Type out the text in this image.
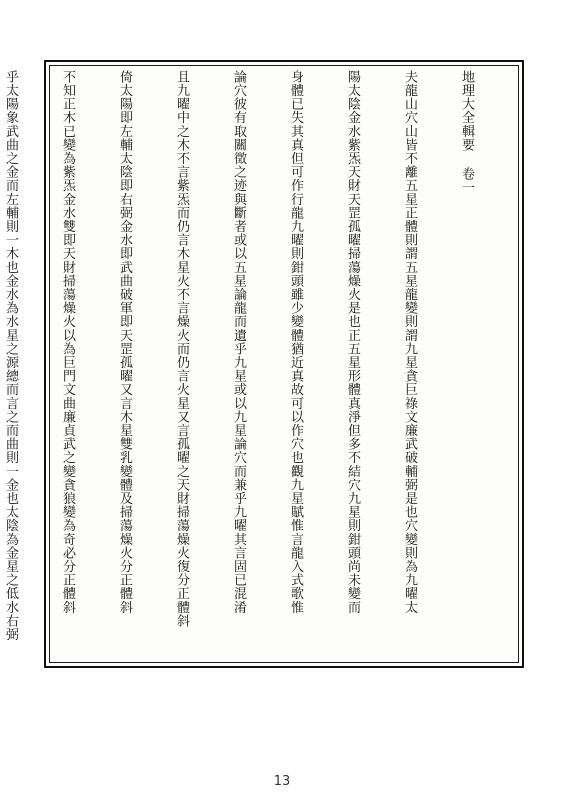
地理大全輯要 卷一

夫龍山穴山皆不離五星正體則謂五星龍變則謂九星貪巨祿文廉武破輔弼是也穴變則為九曜太

陽太陰金水紫炁天財天罡孤曜掃蕩燥火是也正五星形體真淨但多不結穴九星則鉗頭尚未變而

身體已失其真但可作行龍九曜則鉗頭雖少變體猶近真故可以作穴也觀九星賦惟言龍入式歌惟

論穴彼有取關徵之迹與斷者或以五星論龍而遺乎九星或以九星論穴而兼乎九曜其言固已混淆

且九曜中之木不言紫炁而仍言木星火不言燥火而仍言火星又言孤曜之天財掃蕩燥火復分正體斜

倚太陽即左輔太陰即右弼金水即武曲破軍即天罡孤曜又言木星雙乳變體及掃蕩燥火分正體斜

不知正木已變為紫炁金水雙即天財掃蕩燥火以為巨門文曲廉貞武之變貪狼變為奇必分正體斜

乎太陽象武曲之金而左輔則一木也金水為水星之源總而言之而曲則一金也太陰為金星之低水右弼

13
